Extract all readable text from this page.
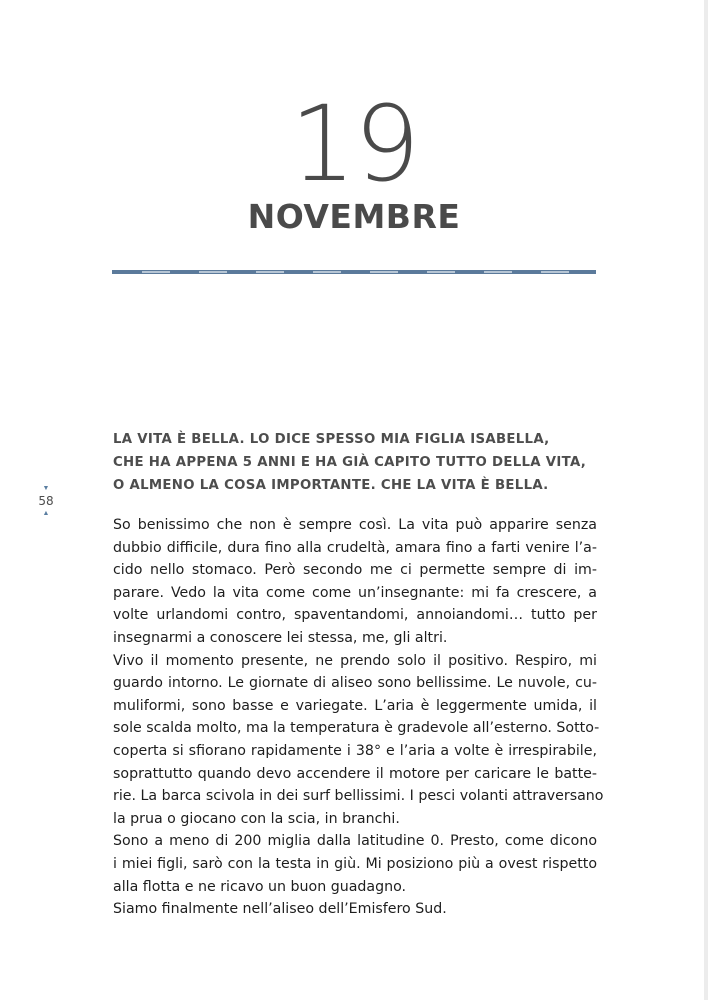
19
NOVEMBRE
LA VITA È BELLA. LO DICE SPESSO MIA FIGLIA ISABELLA,
CHE HA APPENA 5 ANNI E HA GIÀ CAPITO TUTTO DELLA VITA,
O ALMENO LA COSA IMPORTANTE. CHE LA VITA È BELLA.
▼
58
▲

So benissimo che non è sempre così. La vita può apparire senza
dubbio difficile, dura fino alla crudeltà, amara fino a farti venire l’a-
cido nello stomaco. Però secondo me ci permette sempre di im-
parare. Vedo la vita come come un’insegnante: mi fa crescere, a
volte urlandomi contro, spaventandomi, annoiandomi… tutto per
insegnarmi a conoscere lei stessa, me, gli altri.

Vivo il momento presente, ne prendo solo il positivo. Respiro, mi
guardo intorno. Le giornate di aliseo sono bellissime. Le nuvole, cu-
muliformi, sono basse e variegate. L’aria è leggermente umida, il
sole scalda molto, ma la temperatura è gradevole all’esterno. Sotto-
coperta si sfiorano rapidamente i 38° e l’aria a volte è irrespirabile,
soprattutto quando devo accendere il motore per caricare le batte-
rie. La barca scivola in dei surf bellissimi. I pesci volanti attraversano
la prua o giocano con la scia, in branchi.

Sono a meno di 200 miglia dalla latitudine 0. Presto, come dicono
i miei figli, sarò con la testa in giù. Mi posiziono più a ovest rispetto
alla flotta e ne ricavo un buon guadagno.

Siamo finalmente nell’aliseo dell’Emisfero Sud.
